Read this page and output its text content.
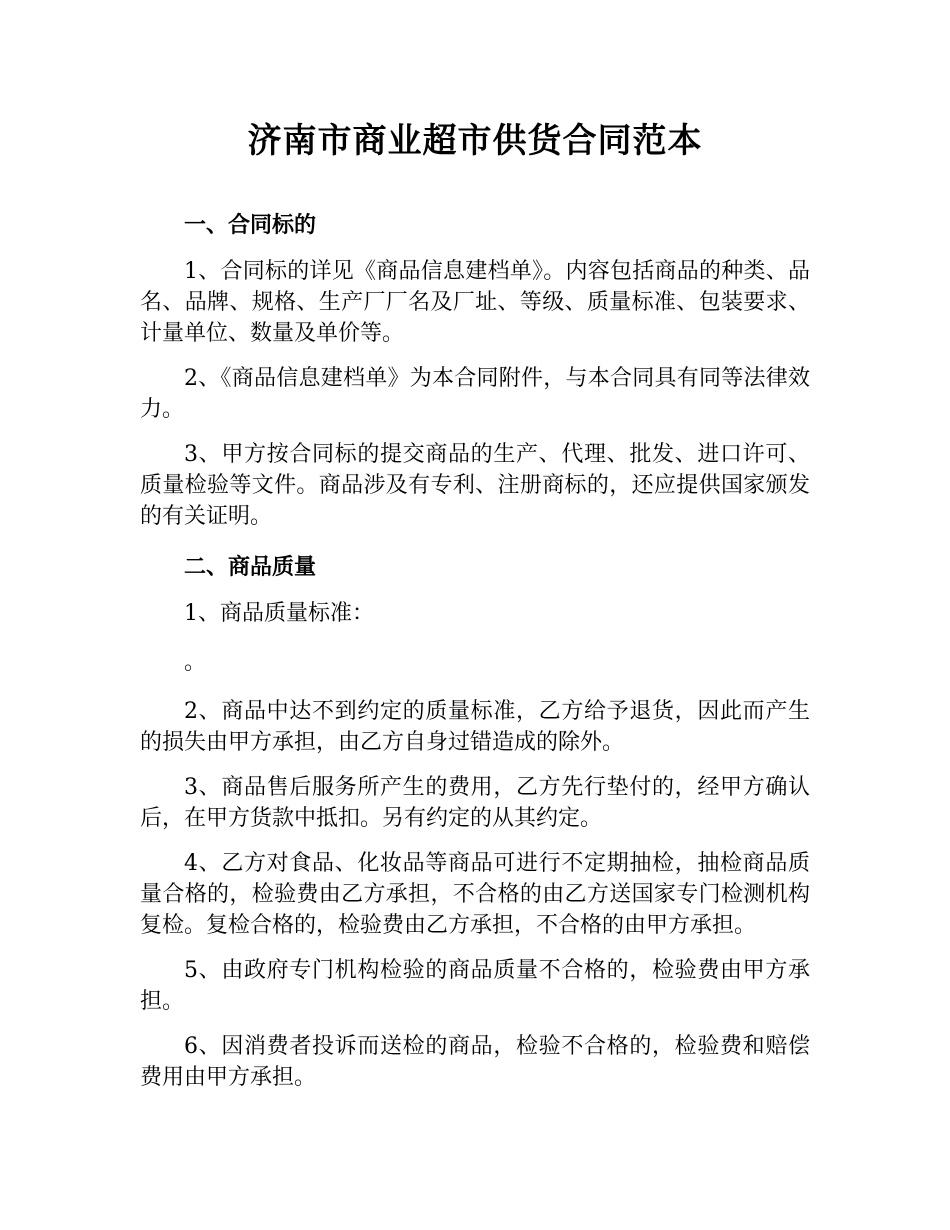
济南市商业超市供货合同范本
一、合同标的

1、合同标的详见《商品信息建档单》。内容包括商品的种类、品名、品牌、规格、生产厂厂名及厂址、等级、质量标准、包装要求、计量单位、数量及单价等。

2、《商品信息建档单》为本合同附件，与本合同具有同等法律效力。

3、甲方按合同标的提交商品的生产、代理、批发、进口许可、质量检验等文件。商品涉及有专利、注册商标的，还应提供国家颁发的有关证明。

二、商品质量

1、商品质量标准：

。

2、商品中达不到约定的质量标准，乙方给予退货，因此而产生的损失由甲方承担，由乙方自身过错造成的除外。

3、商品售后服务所产生的费用，乙方先行垫付的，经甲方确认后，在甲方货款中抵扣。另有约定的从其约定。

4、乙方对食品、化妆品等商品可进行不定期抽检，抽检商品质量合格的，检验费由乙方承担，不合格的由乙方送国家专门检测机构复检。复检合格的，检验费由乙方承担，不合格的由甲方承担。

5、由政府专门机构检验的商品质量不合格的，检验费由甲方承担。

6、因消费者投诉而送检的商品，检验不合格的，检验费和赔偿费用由甲方承担。
